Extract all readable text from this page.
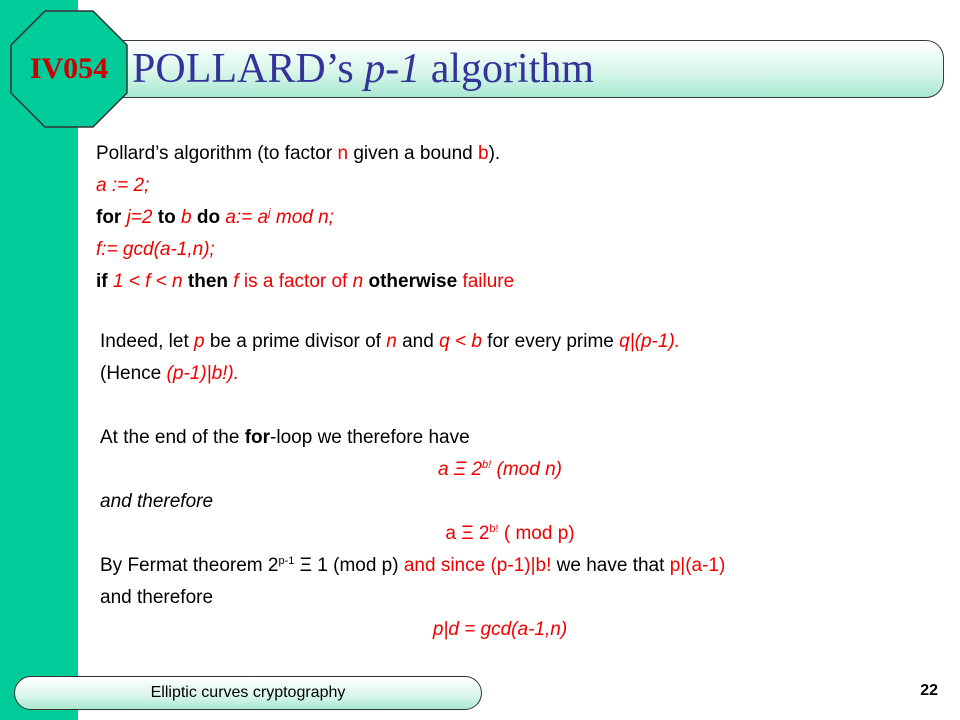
IV054 POLLARD’s p-1 algorithm
Pollard’s algorithm (to factor n given a bound b).
a := 2;
for j=2 to b do a:= $a^j$ mod n;
f:= gcd(a-1,n);
if 1 < f < n then f is a factor of n otherwise failure
Indeed, let p be a prime divisor of n and q < b for every prime q|(p-1).
(Hence (p-1)|b!).
At the end of the for-loop we therefore have
a Ξ $2^{b!}$ (mod n)
and therefore
a Ξ $2^{b!}$ ( mod p)
By Fermat theorem 2$^{p-1}$ Ξ 1 (mod p) and since (p-1)|b! we have that p|(a-1)
and therefore
p|d = gcd(a-1,n)
Elliptic curves cryptography	22
